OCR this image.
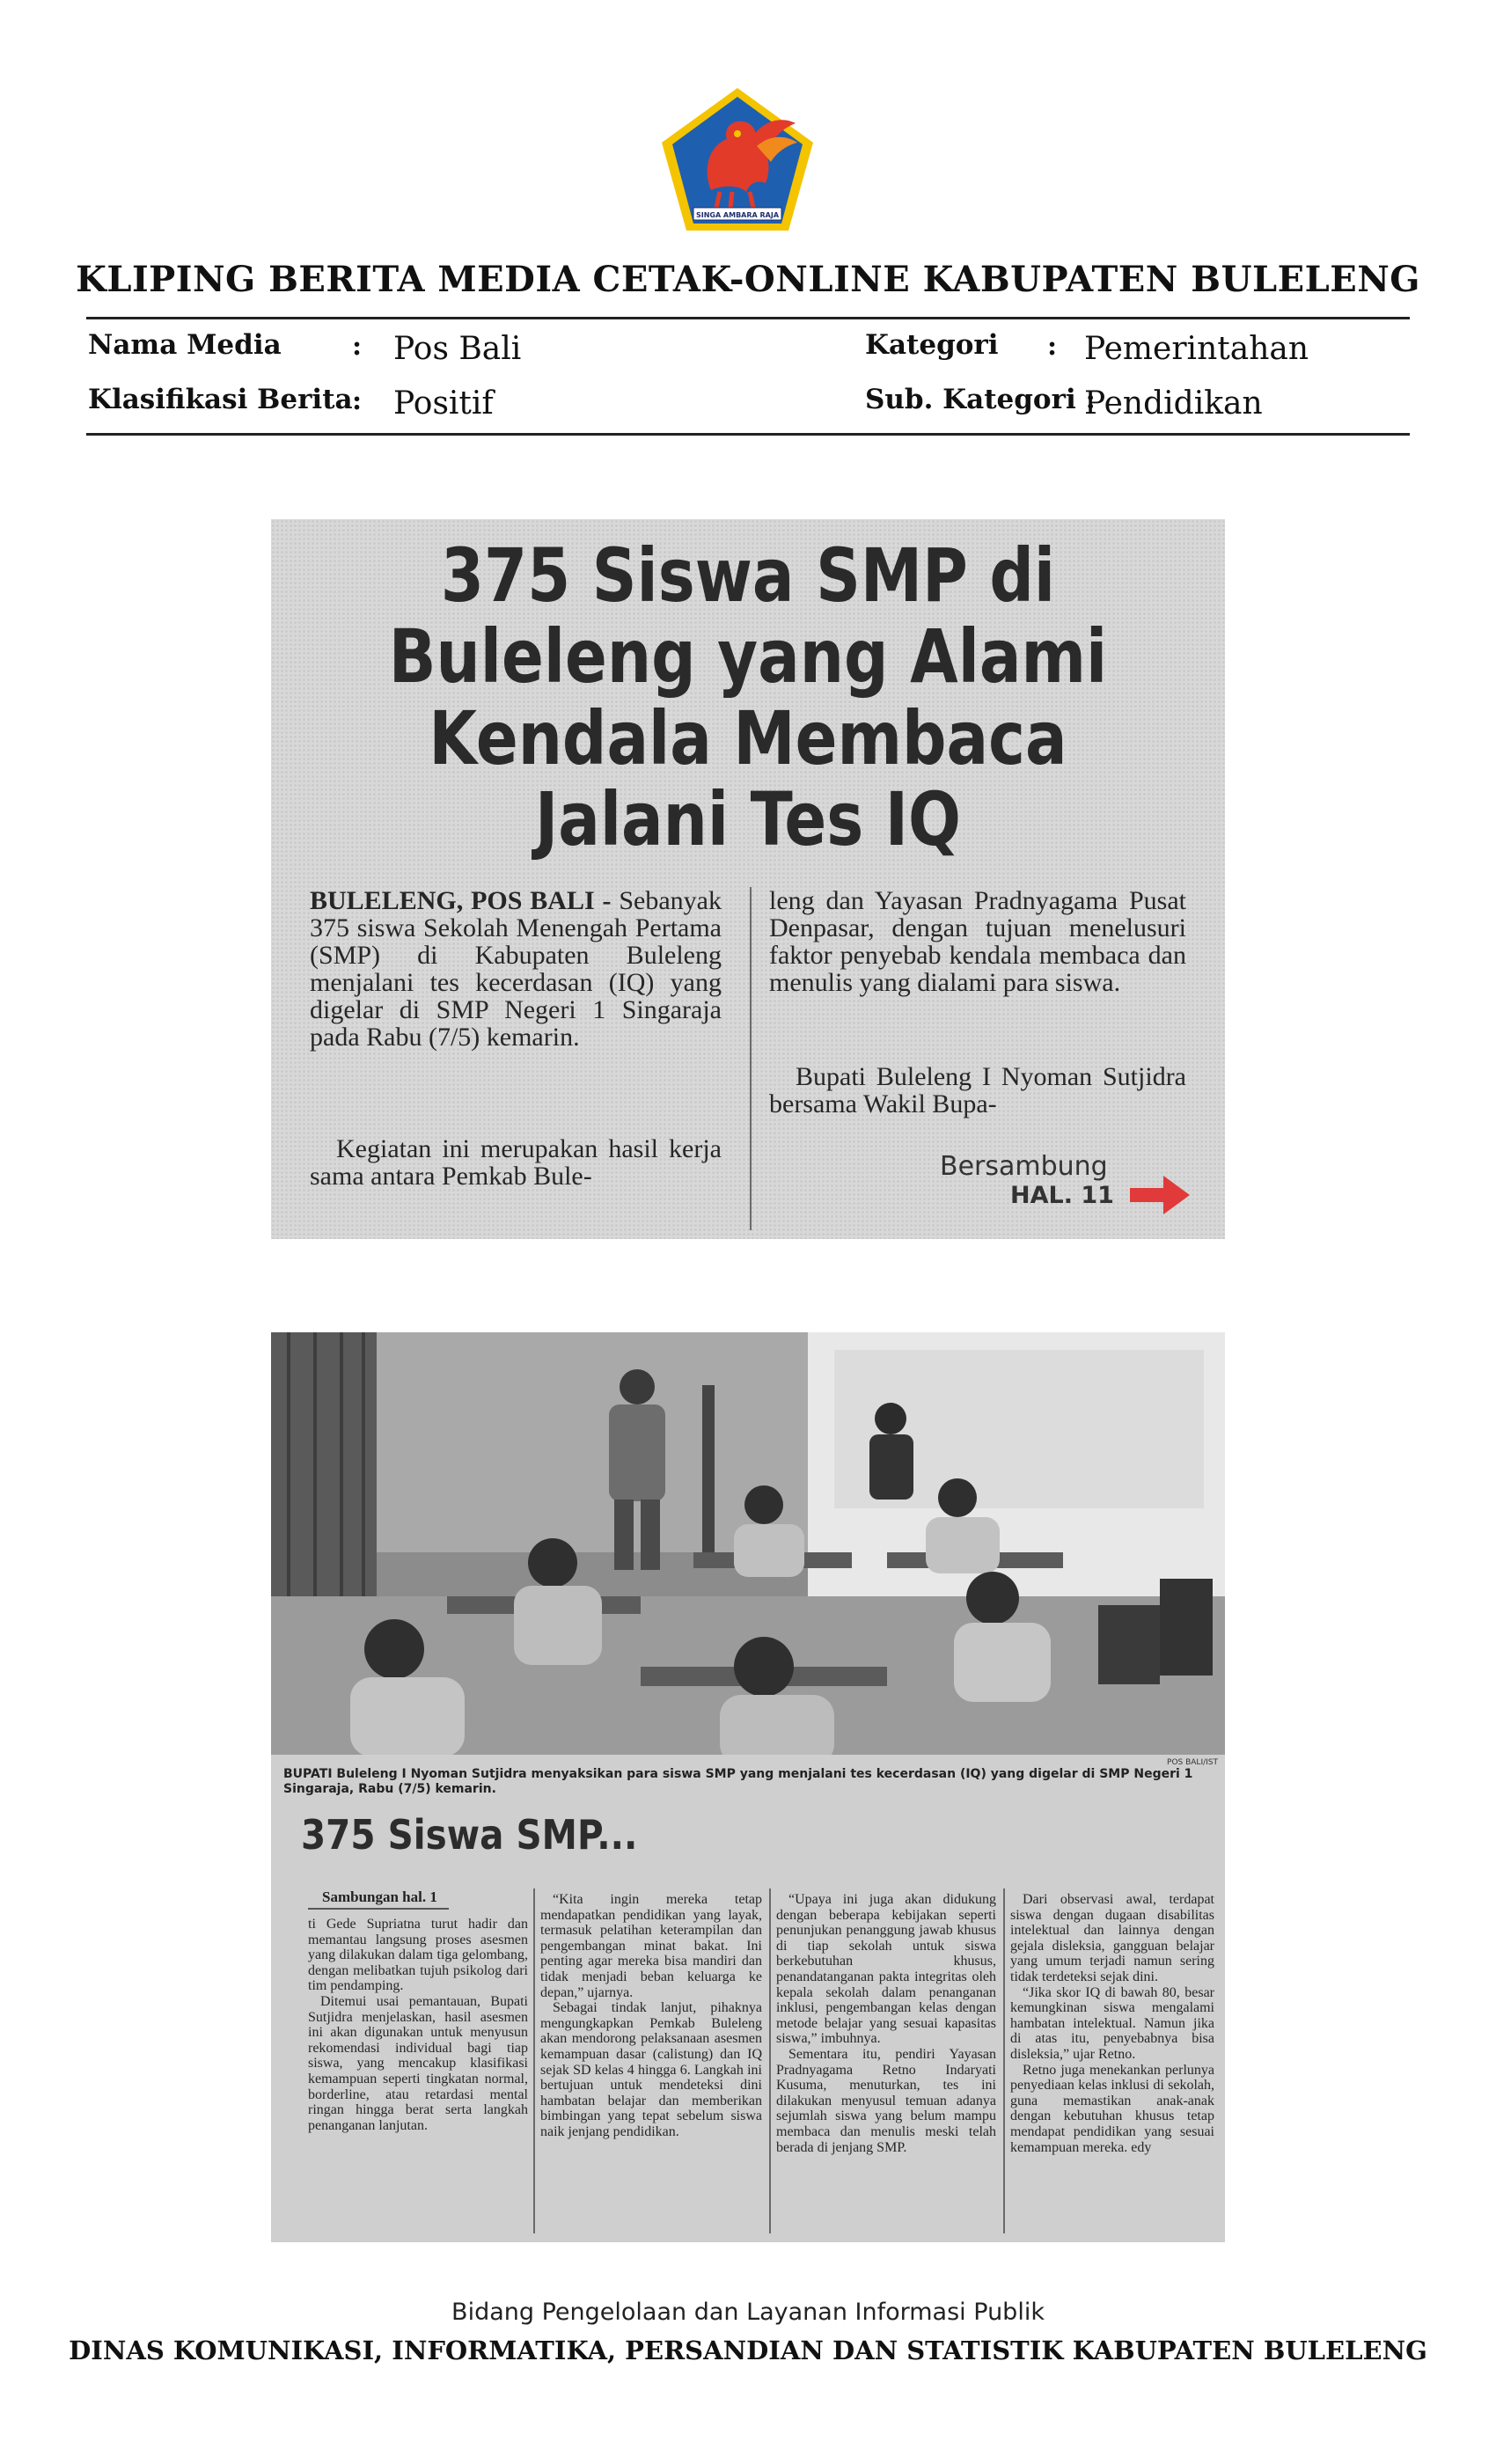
SINGA AMBARA RAJA
KLIPING BERITA MEDIA CETAK-ONLINE KABUPATEN BULELENG
Nama Media	: Pos Bali
Klasifikasi Berita : Positif
Kategori : Pemerintahan
Sub. Kategori :
Pendidikan
375 Siswa SMP di Buleleng yang Alami Kendala Membaca Jalani Tes IQ
BULELENG, POS BALI - Sebanyak 375 siswa Sekolah Menengah Pertama (SMP) di Kabupaten Buleleng menjalani tes kecerdasan (IQ) yang digelar di SMP Negeri 1 Singaraja pada Rabu (7/5) kemarin.
Kegiatan ini merupakan hasil kerja sama antara Pemkab Bule-
leng dan Yayasan Pradnyagama Pusat Denpasar, dengan tujuan menelusuri faktor penyebab kendala membaca dan menulis yang dialami para siswa.
Bupati Buleleng I Nyoman Sutjidra bersama Wakil Bupa-
Bersambung
HAL. 11
POS BALI/IST
BUPATI Buleleng I Nyoman Sutjidra menyaksikan para siswa SMP yang menjalani tes kecerdasan (IQ) yang digelar di SMP Negeri 1 Singaraja, Rabu (7/5) kemarin.
375 Siswa SMP...
Sambungan hal. 1

ti Gede Supriatna turut hadir dan memantau langsung proses asesmen yang dilakukan dalam tiga gelombang, dengan melibatkan tujuh psikolog dari tim pendamping.

Ditemui usai pemantauan, Bupati Sutjidra menjelaskan, hasil asesmen ini akan digunakan untuk menyusun rekomendasi individual bagi tiap siswa, yang mencakup klasifikasi kemampuan seperti tingkatan normal, borderline, atau retardasi mental ringan hingga berat serta langkah penanganan lanjutan.

“Kita ingin mereka tetap mendapatkan pendidikan yang layak, termasuk pelatihan keterampilan dan pengembangan minat bakat. Ini penting agar mereka bisa mandiri dan tidak menjadi beban keluarga ke depan,” ujarnya.

Sebagai tindak lanjut, pihaknya mengungkapkan Pemkab Buleleng akan mendorong pelaksanaan asesmen kemampuan dasar (calistung) dan IQ sejak SD kelas 4 hingga 6. Langkah ini bertujuan untuk mendeteksi dini hambatan belajar dan memberikan bimbingan yang tepat sebelum siswa naik jenjang pendidikan.

“Upaya ini juga akan didukung dengan beberapa kebijakan seperti penunjukan penanggung jawab khusus di tiap sekolah untuk siswa berkebutuhan khusus, penandatanganan pakta integritas oleh kepala sekolah dalam penanganan inklusi, pengembangan kelas dengan metode belajar yang sesuai kapasitas siswa,” imbuhnya.

Sementara itu, pendiri Yayasan Pradnyagama Retno Indaryati Kusuma, menuturkan, tes ini dilakukan menyusul temuan adanya sejumlah siswa yang belum mampu membaca dan menulis meski telah berada di jenjang SMP.

Dari observasi awal, terdapat siswa dengan dugaan disabilitas intelektual dan lainnya dengan gejala disleksia, gangguan belajar yang umum terjadi namun sering tidak terdeteksi sejak dini.

“Jika skor IQ di bawah 80, besar kemungkinan siswa mengalami hambatan intelektual. Namun jika di atas itu, penyebabnya bisa disleksia,” ujar Retno.

Retno juga menekankan perlunya penyediaan kelas inklusi di sekolah, guna memastikan anak-anak dengan kebutuhan khusus tetap mendapat pendidikan yang sesuai kemampuan mereka. edy

Bidang Pengelolaan dan Layanan Informasi Publik
DINAS KOMUNIKASI, INFORMATIKA, PERSANDIAN DAN STATISTIK KABUPATEN BULELENG
